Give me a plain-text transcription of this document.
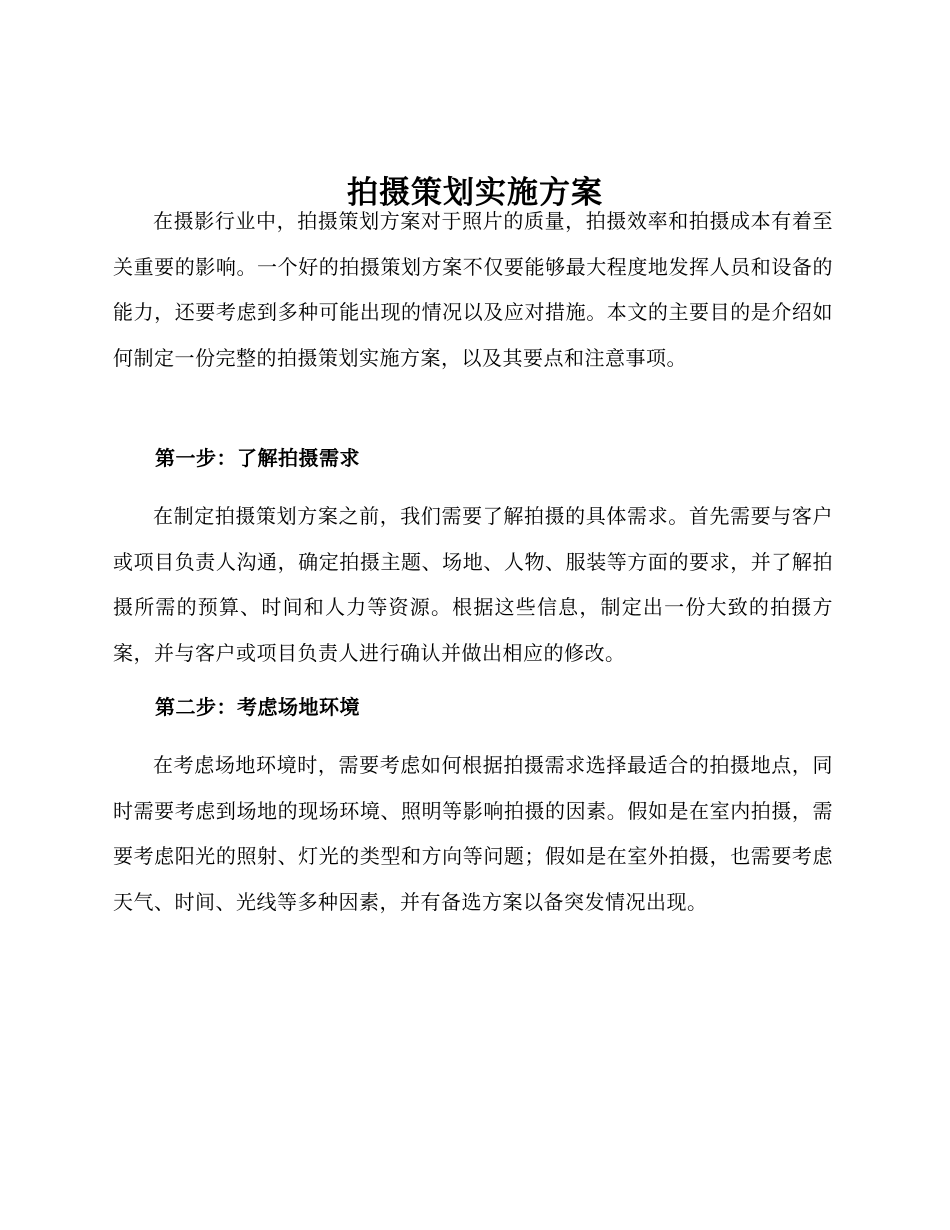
拍摄策划实施方案

在摄影行业中，拍摄策划方案对于照片的质量，拍摄效率和拍摄成本有着至关重要的影响。一个好的拍摄策划方案不仅要能够最大程度地发挥人员和设备的能力，还要考虑到多种可能出现的情况以及应对措施。本文的主要目的是介绍如何制定一份完整的拍摄策划实施方案，以及其要点和注意事项。

第一步：了解拍摄需求

在制定拍摄策划方案之前，我们需要了解拍摄的具体需求。首先需要与客户或项目负责人沟通，确定拍摄主题、场地、人物、服装等方面的要求，并了解拍摄所需的预算、时间和人力等资源。根据这些信息，制定出一份大致的拍摄方案，并与客户或项目负责人进行确认并做出相应的修改。

第二步：考虑场地环境

在考虑场地环境时，需要考虑如何根据拍摄需求选择最适合的拍摄地点，同时需要考虑到场地的现场环境、照明等影响拍摄的因素。假如是在室内拍摄，需要考虑阳光的照射、灯光的类型和方向等问题；假如是在室外拍摄，也需要考虑天气、时间、光线等多种因素，并有备选方案以备突发情况出现。
